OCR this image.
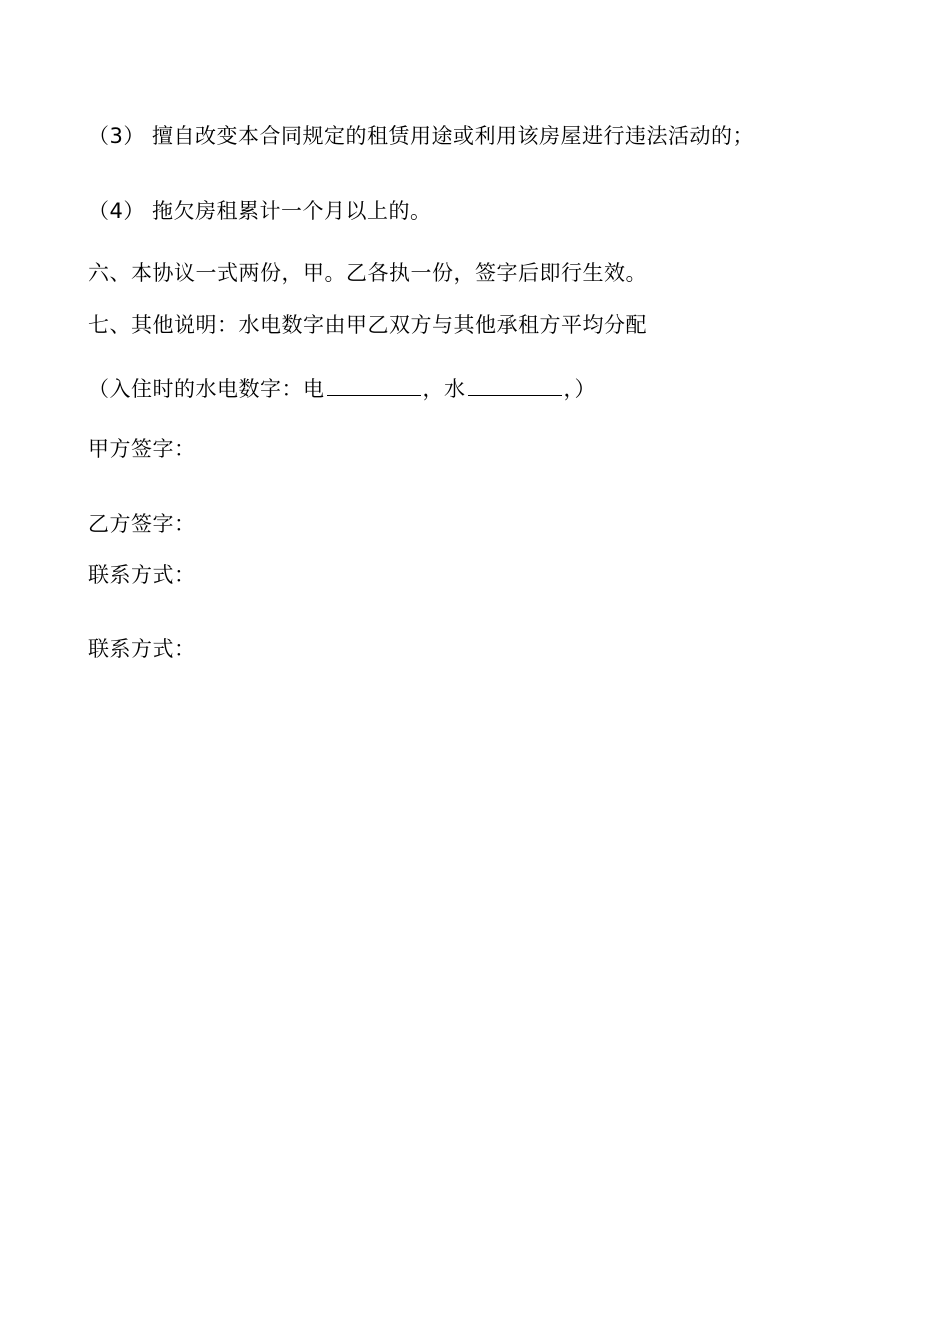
（3） 擅自改变本合同规定的租赁用途或利用该房屋进行违法活动的；
（4） 拖欠房租累计一个月以上的。
六、本协议一式两份，甲。乙各执一份，签字后即行生效。
七、其他说明：水电数字由甲乙双方与其他承租方平均分配
（入住时的水电数字：电	，水	，）
甲方签字：
乙方签字：
联系方式：
联系方式：
